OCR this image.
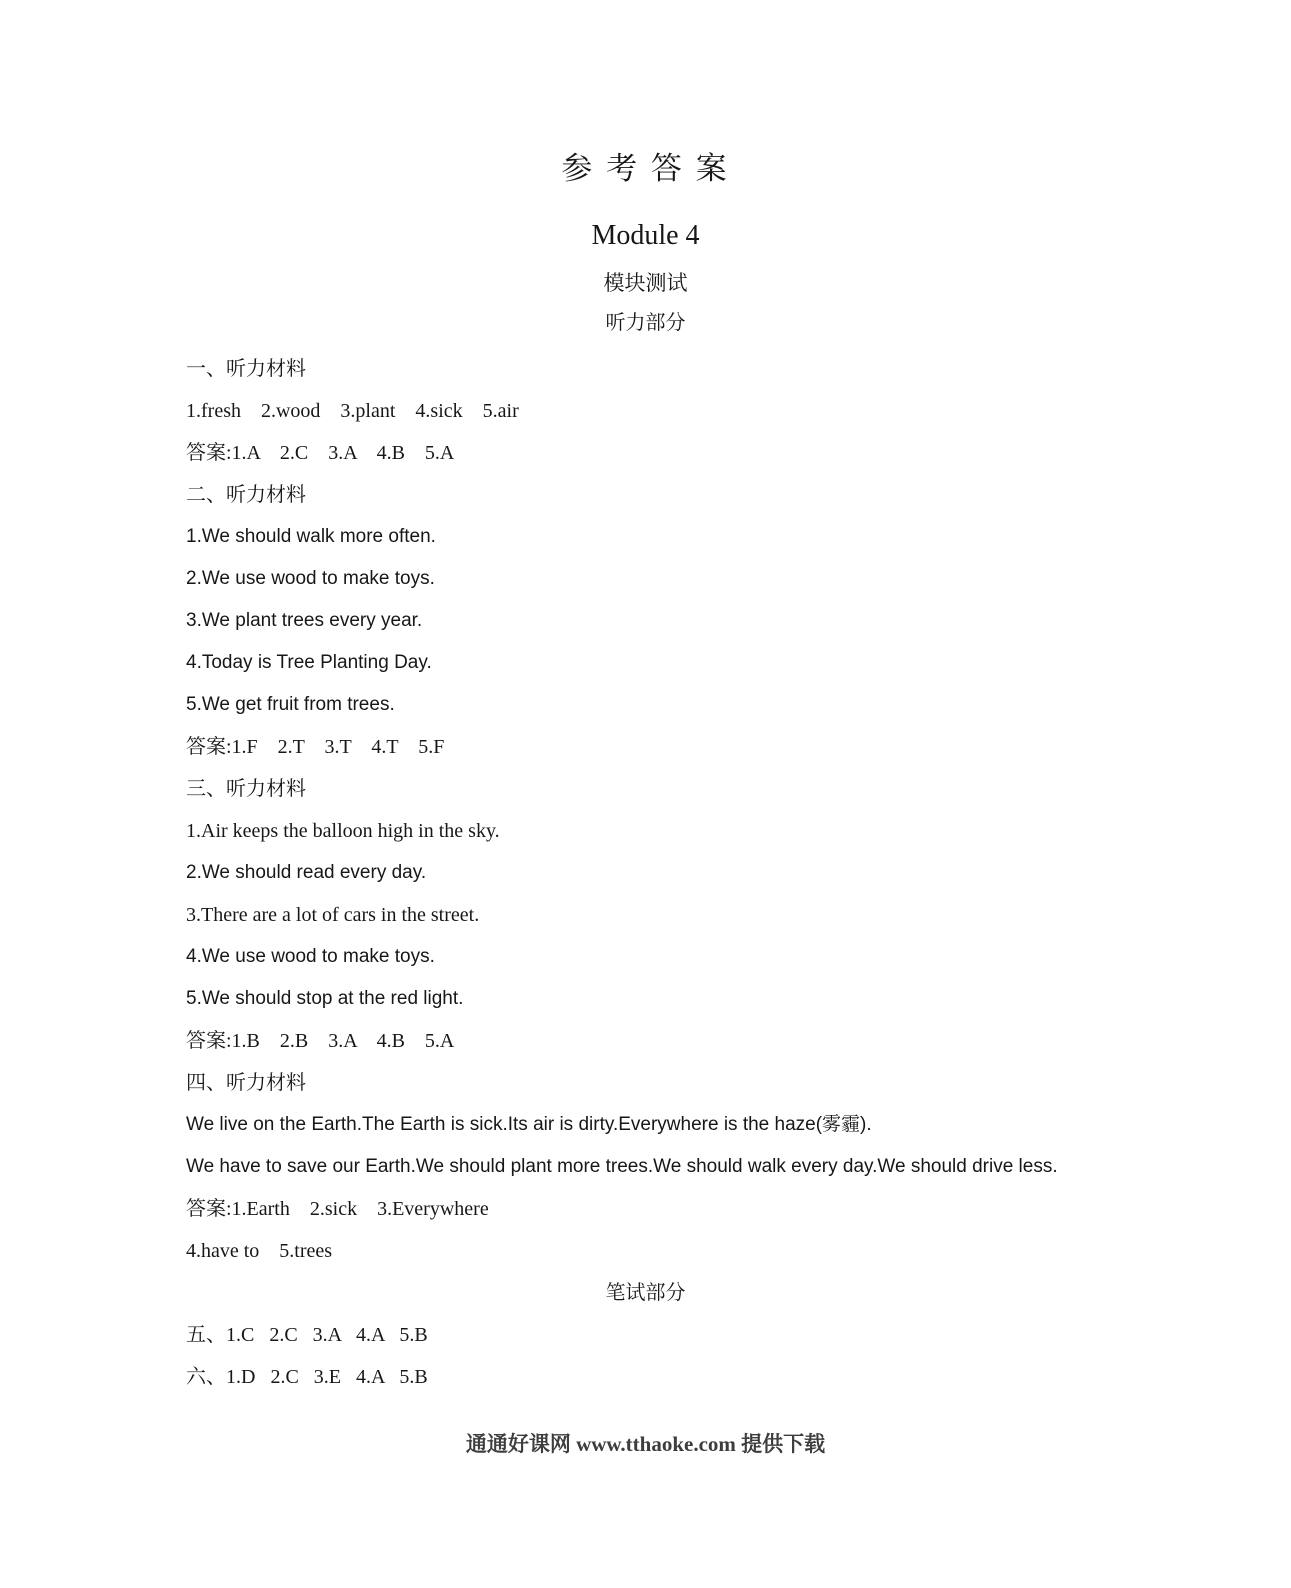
参 考 答 案
Module 4
模块测试
听力部分
一、听力材料
1.fresh    2.wood    3.plant    4.sick    5.air
答案:1.A    2.C    3.A    4.B    5.A
二、听力材料
1.We should walk more often.
2.We use wood to make toys.
3.We plant trees every year.
4.Today is Tree Planting Day.
5.We get fruit from trees.
答案:1.F    2.T    3.T    4.T    5.F
三、听力材料
1.Air keeps the balloon high in the sky.
2.We should read every day.
3.There are a lot of cars in the street.
4.We use wood to make toys.
5.We should stop at the red light.
答案:1.B    2.B    3.A    4.B    5.A
四、听力材料
We live on the Earth.The Earth is sick.Its air is dirty.Everywhere is the haze(雾霾).
We have to save our Earth.We should plant more trees.We should walk every day.We should drive less.
答案:1.Earth    2.sick    3.Everywhere
4.have to    5.trees
笔试部分
五、1.C   2.C   3.A   4.A   5.B
六、1.D   2.C   3.E   4.A   5.B
通通好课网 www.tthaoke.com 提供下载
